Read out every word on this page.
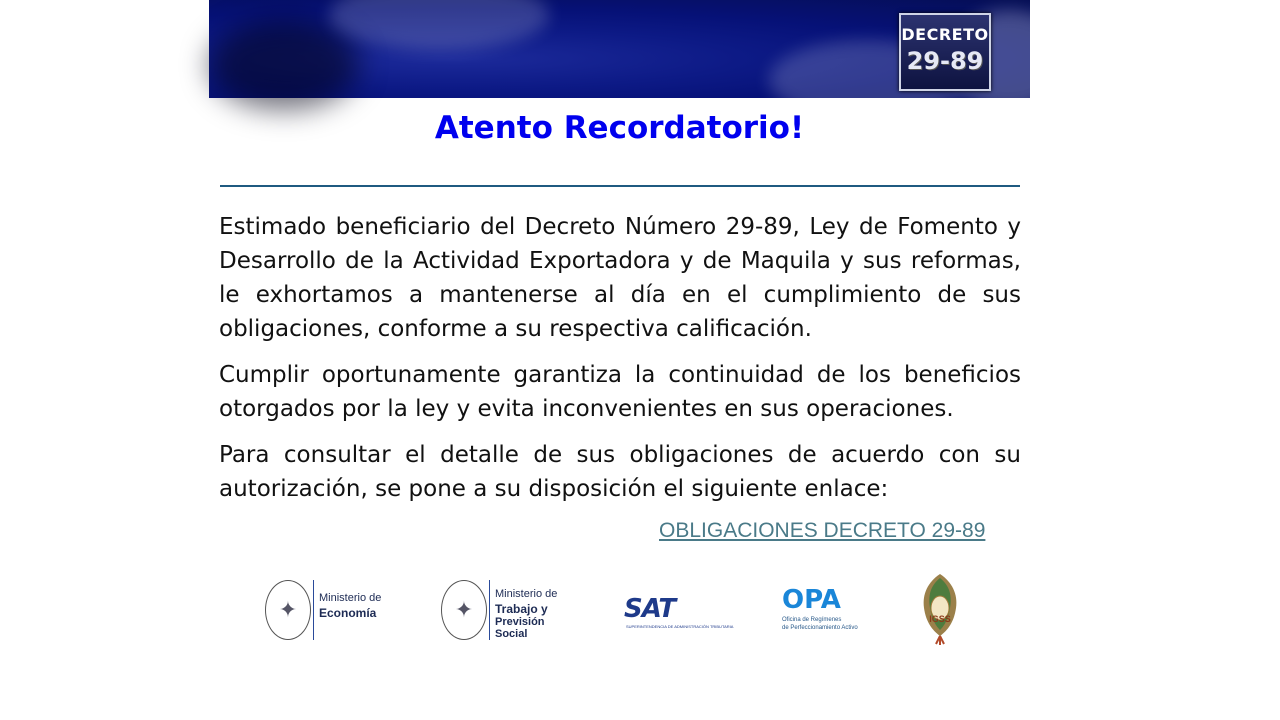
DECRETO
29-89
Atento Recordatorio!

Estimado beneficiario del Decreto Número 29-89, Ley de Fomento y Desarrollo de la Actividad Exportadora y de Maquila y sus reformas, le exhortamos a mantenerse al día en el cumplimiento de sus obligaciones, conforme a su respectiva calificación.

Cumplir oportunamente garantiza la continuidad de los beneficios otorgados por la ley y evita inconvenientes en sus operaciones.

Para consultar el detalle de sus obligaciones de acuerdo con su autorización, se pone a su disposición el siguiente enlace:

OBLIGACIONES DECRETO 29-89
✦	Ministerio de
Economía	✦
Ministerio de
Trabajo y
Previsión Social
SAT
SUPERINTENDENCIA DE ADMINISTRACIÓN TRIBUTARIA
OPA
Oficina de Regímenes
de Perfeccionamiento Activo
IGSS
